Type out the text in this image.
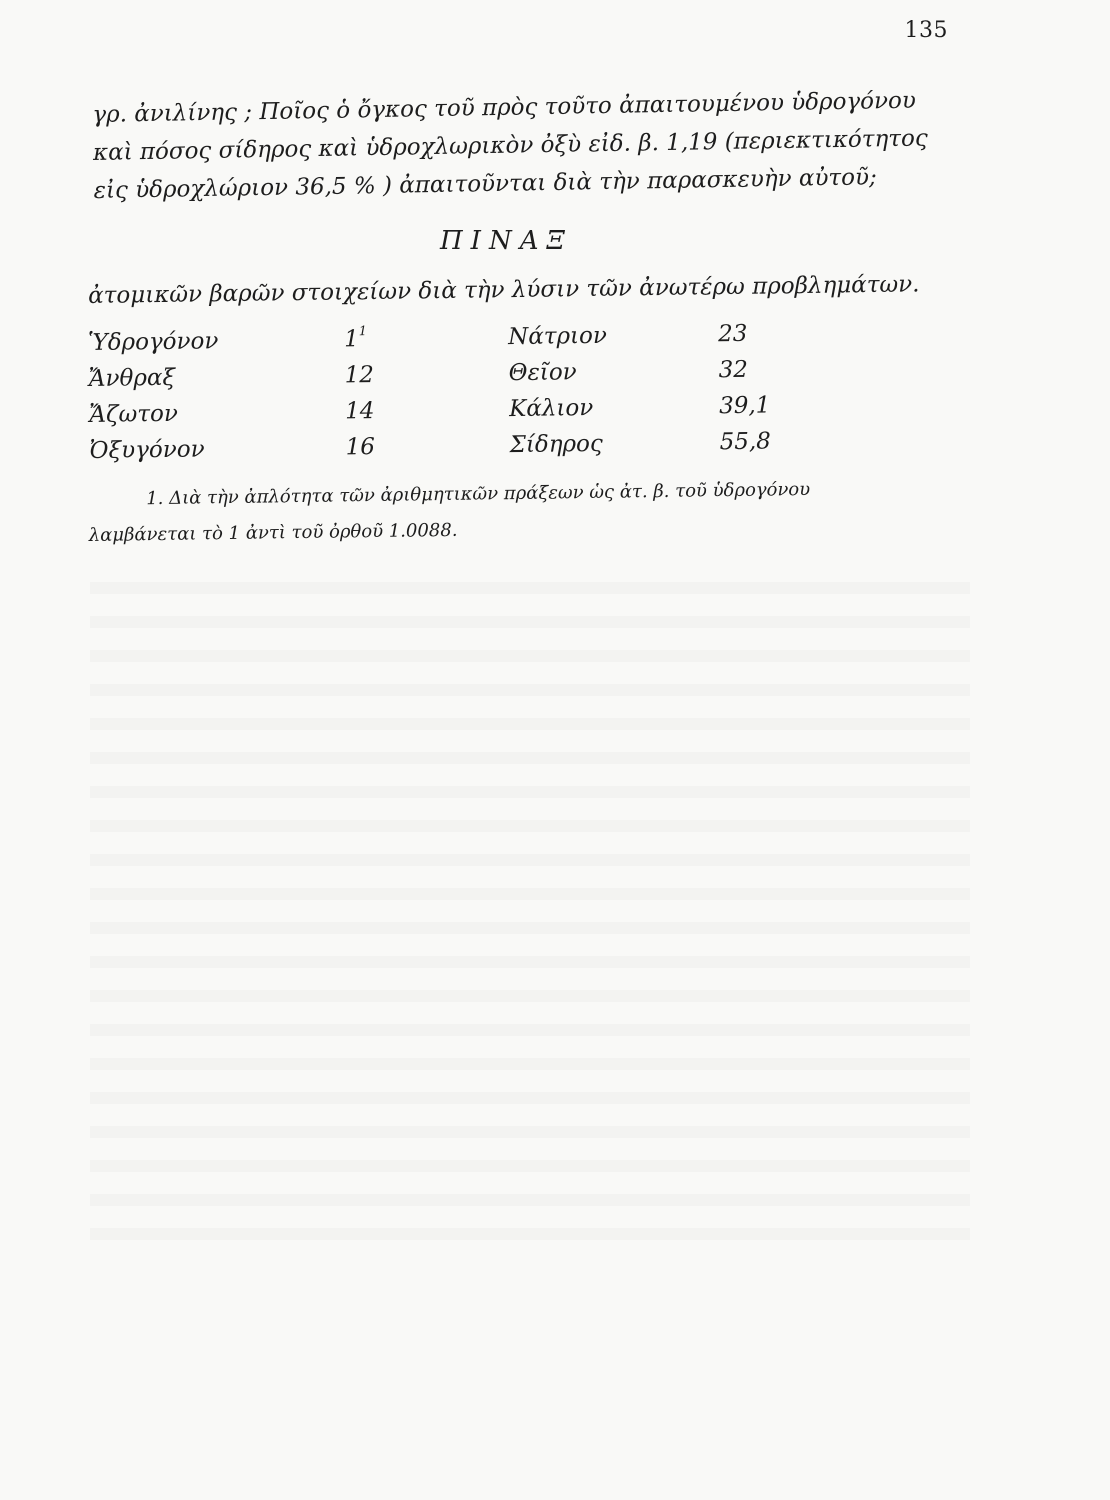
135
γρ. ἀνιλίνης ; Ποῖος ὁ ὄγκος τοῦ πρὸς τοῦτο ἀπαιτουμένου ὑδρογόνου
καὶ πόσος σίδηρος καὶ ὑδροχλωρικὸν ὀξὺ εἰδ. β. 1,19 (περιεκτικότητος
εἰς ὑδροχλώριον 36,5 % ) ἀπαιτοῦνται διὰ τὴν παρασκευὴν αὐτοῦ;
ΠΙΝΑΞ
ἀτομικῶν βαρῶν στοιχείων διὰ τὴν λύσιν τῶν ἀνωτέρω προβλημάτων.
Ὑδρογόνον	$1^1$	Νάτριον	23
Ἄνθραξ	12	Θεῖον	32
Ἄζωτον	14	Κάλιον	39,1
Ὀξυγόνον	16	Σίδηρος	55,8
1. Διὰ τὴν ἀπλότητα τῶν ἀριθμητικῶν πράξεων ὡς ἀτ. β. τοῦ ὑδρογόνου
λαμβάνεται τὸ 1 ἀντὶ τοῦ ὀρθοῦ 1.0088.
